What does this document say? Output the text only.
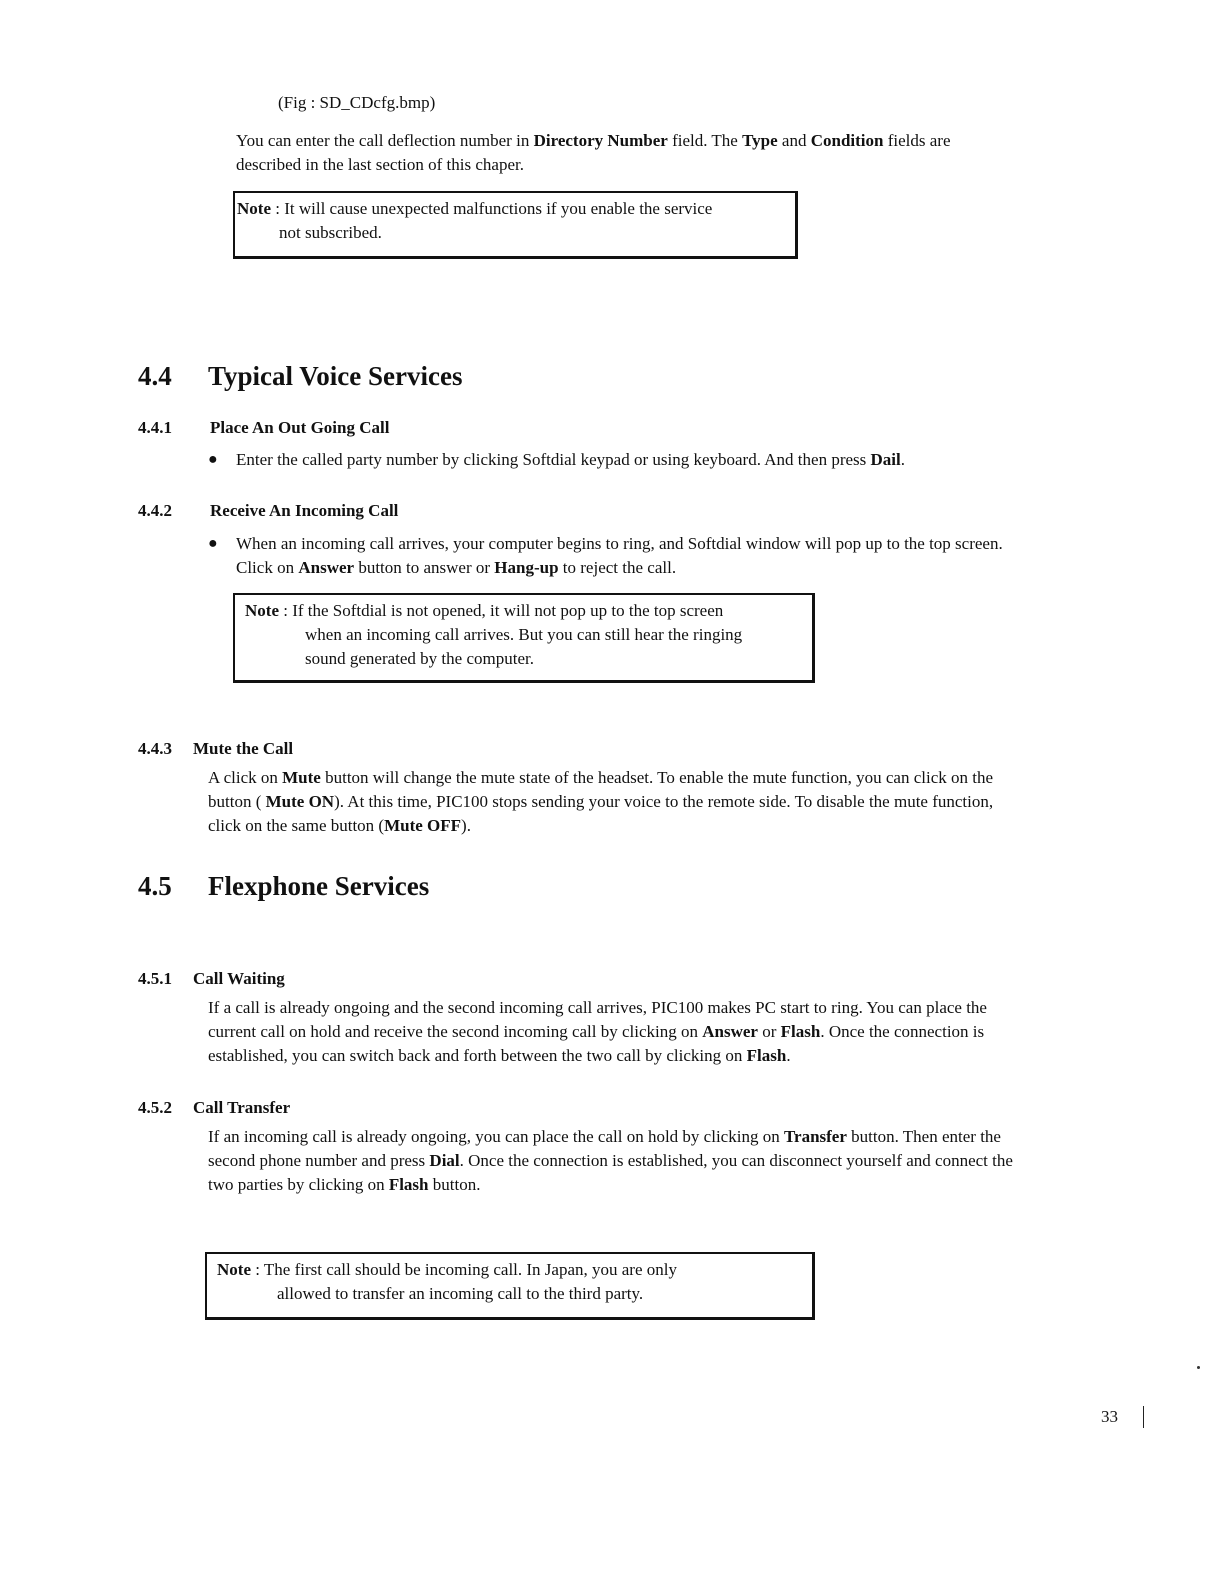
(Fig : SD_CDcfg.bmp)
You can enter the call deflection number in Directory Number field. The Type and Condition fields are
described in the last section of this chaper.
Note : It will cause unexpected malfunctions if you enable the service
not subscribed.
4.4 Typical Voice Services
4.4.1 Place An Out Going Call
● Enter the called party number by clicking Softdial keypad or using keyboard. And then press Dail.
4.4.2 Receive An Incoming Call
● When an incoming call arrives, your computer begins to ring, and Softdial window will pop up to the top screen.
Click on Answer button to answer or Hang-up to reject the call.
Note : If the Softdial is not opened, it will not pop up to the top screen
when an incoming call arrives. But you can still hear the ringing
sound generated by the computer.
4.4.3 Mute the Call
A click on Mute button will change the mute state of the headset. To enable the mute function, you can click on the
button ( Mute ON). At this time, PIC100 stops sending your voice to the remote side. To disable the mute function,
click on the same button (Mute OFF).
4.5 Flexphone Services
4.5.1 Call Waiting
If a call is already ongoing and the second incoming call arrives, PIC100 makes PC start to ring. You can place the
current call on hold and receive the second incoming call by clicking on Answer or Flash. Once the connection is
established, you can switch back and forth between the two call by clicking on Flash.
4.5.2 Call Transfer
If an incoming call is already ongoing, you can place the call on hold by clicking on Transfer button. Then enter the
second phone number and press Dial. Once the connection is established, you can disconnect yourself and connect the
two parties by clicking on Flash button.
Note : The first call should be incoming call. In Japan, you are only
allowed to transfer an incoming call to the third party.
33
